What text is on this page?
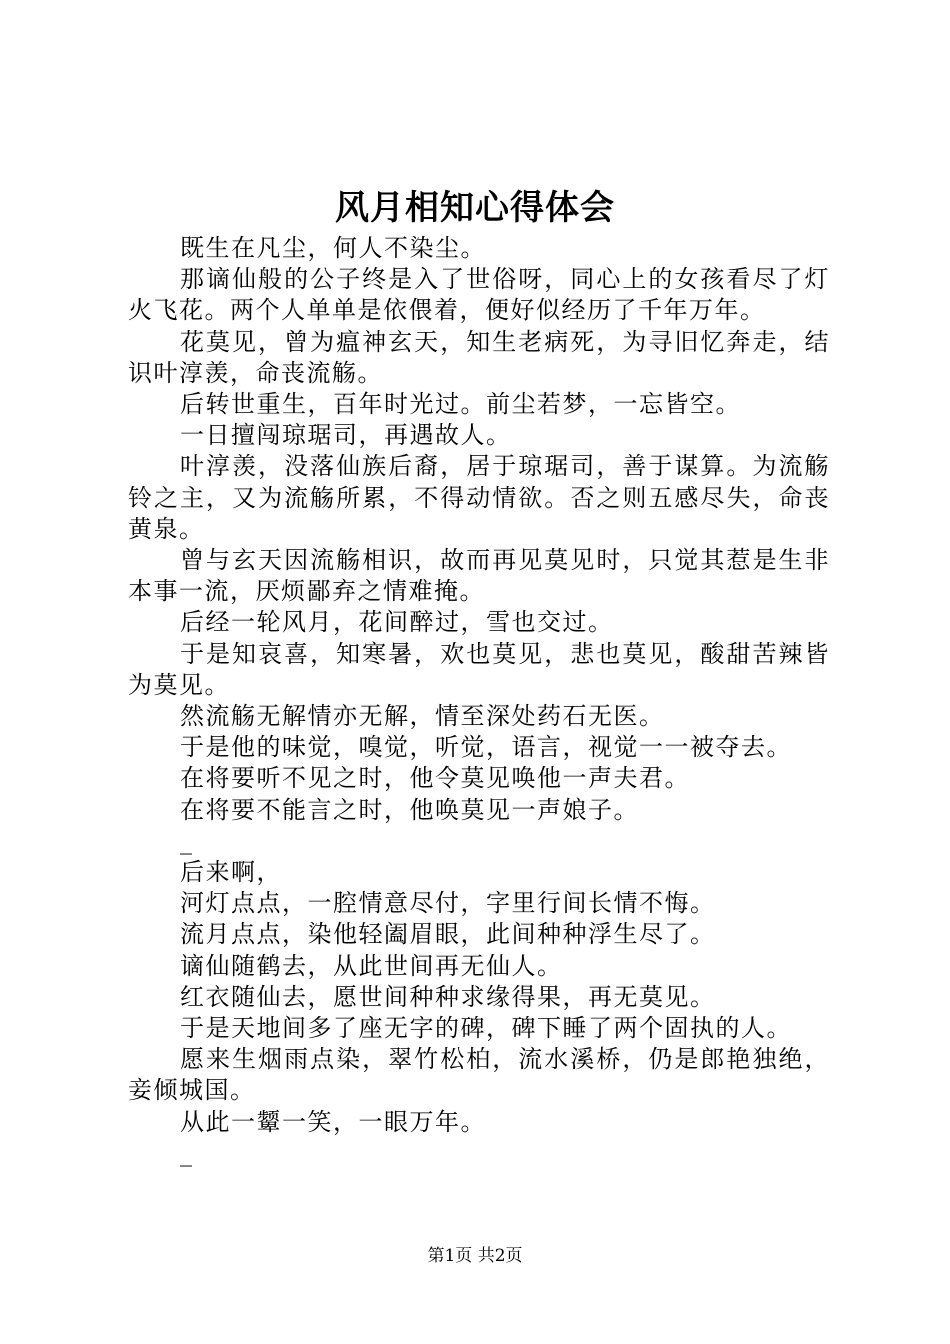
风月相知心得体会

既生在凡尘，何人不染尘。

那谪仙般的公子终是入了世俗呀，同心上的女孩看尽了灯火飞花。两个人单单是依偎着，便好似经历了千年万年。

花莫见，曾为瘟神玄天，知生老病死，为寻旧忆奔走，结识叶淳羡，命丧流觞。

后转世重生，百年时光过。前尘若梦，一忘皆空。

一日擅闯琼琚司，再遇故人。

叶淳羡，没落仙族后裔，居于琼琚司，善于谋算。为流觞铃之主，又为流觞所累，不得动情欲。否之则五感尽失，命丧黄泉。

曾与玄天因流觞相识，故而再见莫见时，只觉其惹是生非本事一流，厌烦鄙弃之情难掩。

后经一轮风月，花间醉过，雪也交过。

于是知哀喜，知寒暑，欢也莫见，悲也莫见，酸甜苦辣皆为莫见。

然流觞无解情亦无解，情至深处药石无医。

于是他的味觉，嗅觉，听觉，语言，视觉一一被夺去。

在将要听不见之时，他令莫见唤他一声夫君。

在将要不能言之时，他唤莫见一声娘子。

_

后来啊，

河灯点点，一腔情意尽付，字里行间长情不悔。

流月点点，染他轻阖眉眼，此间种种浮生尽了。

谪仙随鹤去，从此世间再无仙人。

红衣随仙去，愿世间种种求缘得果，再无莫见。

于是天地间多了座无字的碑，碑下睡了两个固执的人。

愿来生烟雨点染，翠竹松柏，流水溪桥，仍是郎艳独绝，妾倾城国。

从此一颦一笑，一眼万年。

_

第1页 共2页
